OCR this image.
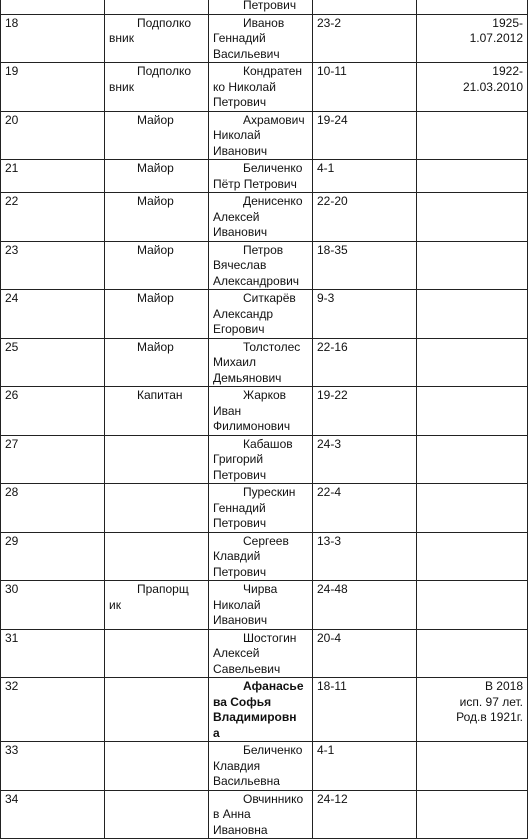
		Петрович		

18	Подполко
вник	Иванов
Геннадий
Васильевич	23-2	1925-
1.07.2012

19	Подполко
вник	Кондратен
ко Николай
Петрович	10-11	1922-
21.03.2010

20	Майор	Ахрамович
Николай
Иванович	19-24	
21	Майор	Беличенко
Пётр Петрович	4-1	
22	Майор	Денисенко
Алексей
Иванович	22-20	
23	Майор	Петров
Вячеслав
Александрович	18-35	
24	Майор	Ситкарёв
Александр
Егорович	9-3	
25	Майор	Толстолес
Михаил
Демьянович	22-16	
26	Капитан	Жарков
Иван
Филимонович	19-22	
27		Кабашов
Григорий
Петрович	24-3	
28		Пурескин
Геннадий
Петрович	22-4	
29		Сергеев
Клавдий
Петрович	13-3	
30	Прапорщ
ик	Чирва
Николай
Иванович	24-48	
31		Шостогин
Алексей
Савельевич	20-4	
32		Афанасье
ва Софья
Владимировн
а	18-11	В 2018
исп. 97 лет.
Род.в 1921г.

33		Беличенко
Клавдия
Васильевна	4-1	
34		Овчиннико
в Анна
Ивановна	24-12	
